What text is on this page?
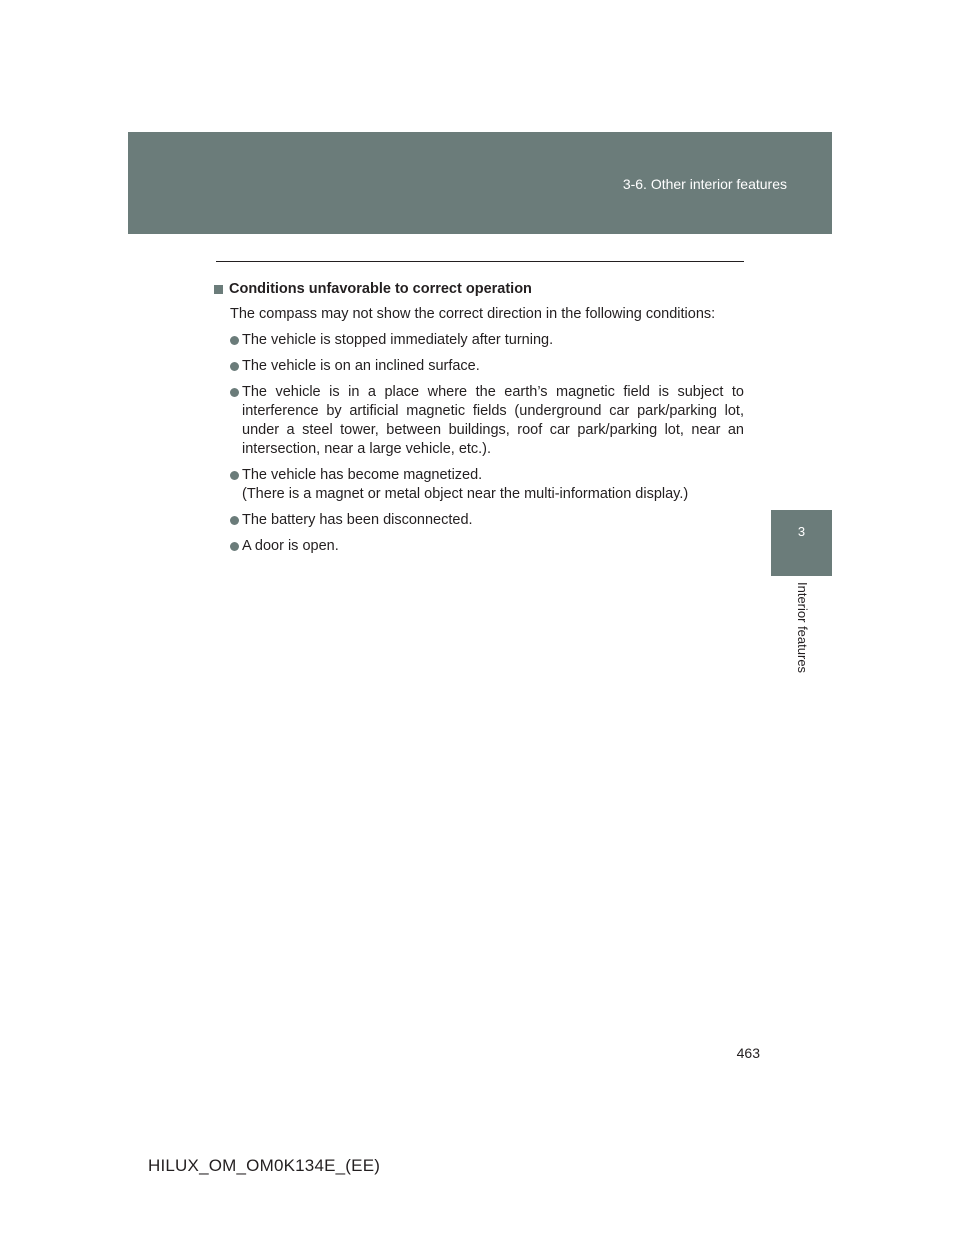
3-6. Other interior features
3
Interior features
Conditions unfavorable to correct operation
The compass may not show the correct direction in the following conditions:
The vehicle is stopped immediately after turning.
The vehicle is on an inclined surface.
The vehicle is in a place where the earth’s magnetic field is subject to interference by artificial magnetic fields (underground car park/parking lot, under a steel tower, between buildings, roof car park/parking lot, near an intersection, near a large vehicle, etc.).
The vehicle has become magnetized.
(There is a magnet or metal object near the multi-information display.)
The battery has been disconnected.
A door is open.
463
HILUX_OM_OM0K134E_(EE)
